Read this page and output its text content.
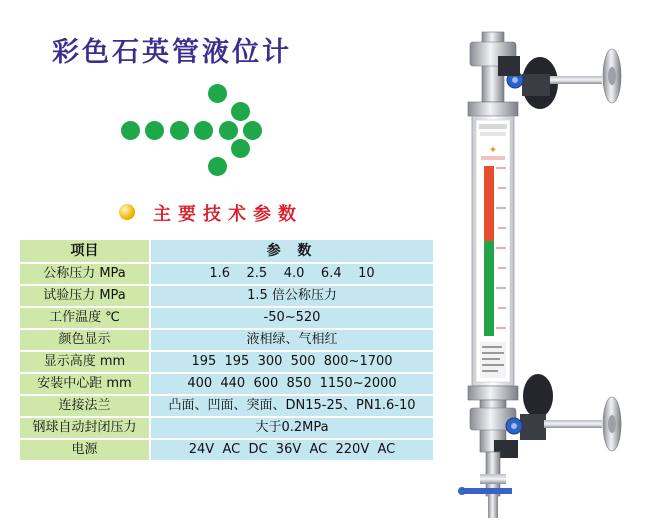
彩色石英管液位计
主要技术参数
项目	参 数
公称压力 MPa	1.6    2.5    4.0    6.4    10
试验压力 MPa	1.5 倍公称压力
工作温度 ℃	-50~520
颜色显示	液相绿、气相红
显示高度 mm	195  195  300  500  800~1700
安装中心距 mm	400  440  600  850  1150~2000
连接法兰	凸面、凹面、突面、DN15-25、PN1.6-10
钢球自动封闭压力	大于0.2MPa
电源	24V  AC  DC  36V  AC  220V  AC
✦
